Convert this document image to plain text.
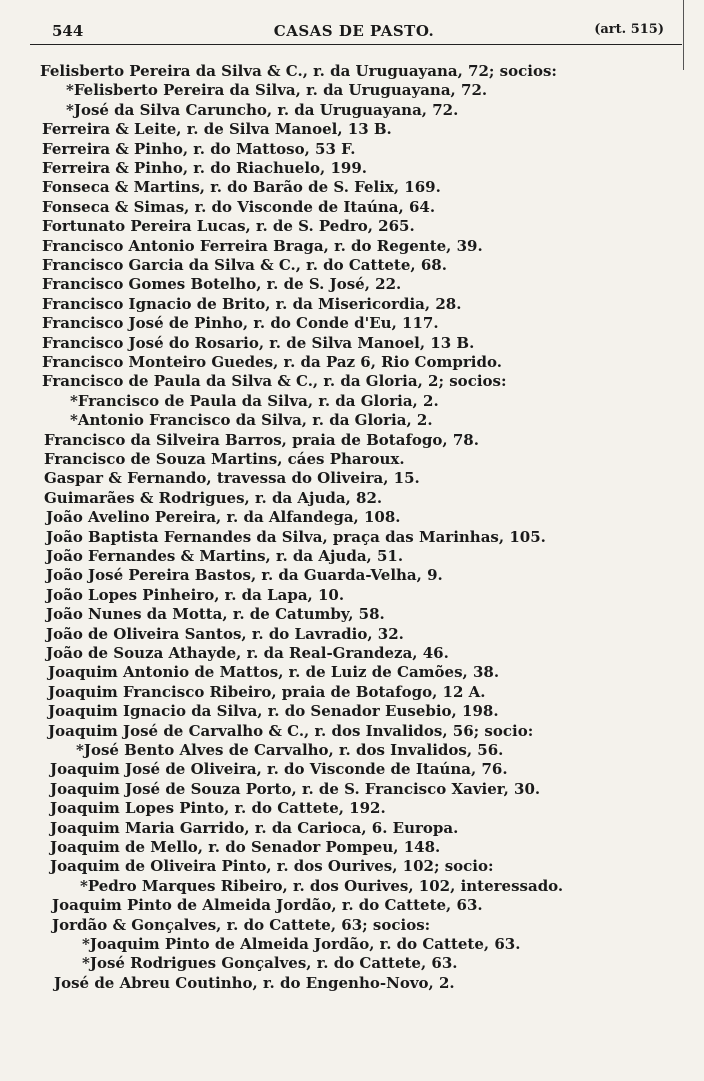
544	CASAS DE PASTO.	(art. 515)
Felisberto Pereira da Silva & C., r. da Uruguayana, 72; socios:
*Felisberto Pereira da Silva, r. da Uruguayana, 72.
*José da Silva Caruncho, r. da Uruguayana, 72.
Ferreira & Leite, r. de Silva Manoel, 13 B.
Ferreira & Pinho, r. do Mattoso, 53 F.
Ferreira & Pinho, r. do Riachuelo, 199.
Fonseca & Martins, r. do Barão de S. Felix, 169.
Fonseca & Simas, r. do Visconde de Itaúna, 64.
Fortunato Pereira Lucas, r. de S. Pedro, 265.
Francisco Antonio Ferreira Braga, r. do Regente, 39.
Francisco Garcia da Silva & C., r. do Cattete, 68.
Francisco Gomes Botelho, r. de S. José, 22.
Francisco Ignacio de Brito, r. da Misericordia, 28.
Francisco José de Pinho, r. do Conde d'Eu, 117.
Francisco José do Rosario, r. de Silva Manoel, 13 B.
Francisco Monteiro Guedes, r. da Paz 6, Rio Comprido.
Francisco de Paula da Silva & C., r. da Gloria, 2; socios:
*Francisco de Paula da Silva, r. da Gloria, 2.
*Antonio Francisco da Silva, r. da Gloria, 2.
Francisco da Silveira Barros, praia de Botafogo, 78.
Francisco de Souza Martins, cáes Pharoux.
Gaspar & Fernando, travessa do Oliveira, 15.
Guimarães & Rodrigues, r. da Ajuda, 82.
João Avelino Pereira, r. da Alfandega, 108.
João Baptista Fernandes da Silva, praça das Marinhas, 105.
João Fernandes & Martins, r. da Ajuda, 51.
João José Pereira Bastos, r. da Guarda-Velha, 9.
João Lopes Pinheiro, r. da Lapa, 10.
João Nunes da Motta, r. de Catumby, 58.
João de Oliveira Santos, r. do Lavradio, 32.
João de Souza Athayde, r. da Real-Grandeza, 46.
Joaquim Antonio de Mattos, r. de Luiz de Camões, 38.
Joaquim Francisco Ribeiro, praia de Botafogo, 12 A.
Joaquim Ignacio da Silva, r. do Senador Eusebio, 198.
Joaquim José de Carvalho & C., r. dos Invalidos, 56; socio:
*José Bento Alves de Carvalho, r. dos Invalidos, 56.
Joaquim José de Oliveira, r. do Visconde de Itaúna, 76.
Joaquim José de Souza Porto, r. de S. Francisco Xavier, 30.
Joaquim Lopes Pinto, r. do Cattete, 192.
Joaquim Maria Garrido, r. da Carioca, 6. Europa.
Joaquim de Mello, r. do Senador Pompeu, 148.
Joaquim de Oliveira Pinto, r. dos Ourives, 102; socio:
*Pedro Marques Ribeiro, r. dos Ourives, 102, interessado.
Joaquim Pinto de Almeida Jordão, r. do Cattete, 63.
Jordão & Gonçalves, r. do Cattete, 63; socios:
*Joaquim Pinto de Almeida Jordão, r. do Cattete, 63.
*José Rodrigues Gonçalves, r. do Cattete, 63.
José de Abreu Coutinho, r. do Engenho-Novo, 2.
